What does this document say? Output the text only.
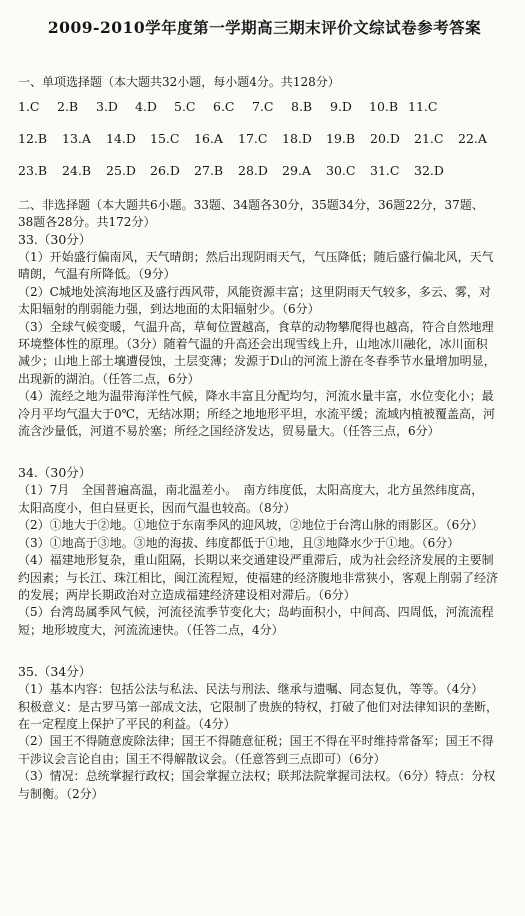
2009-2010学年度第一学期高三期末评价文综试卷参考答案

一、单项选择题（本大题共32小题，每小题4分。共128分）

1.C	2.B	3.D	4.D	5.C	6.C	7.C	8.B	9.D	10.B 11.C
12.B	13.A	14.D	15.C	16.A	17.C	18.D	19.B	20.D	21.C	22.A
23.B	24.B	25.D	26.D	27.B	28.D	29.A	30.C	31.C	32.D

二、非选择题（本大题共6小题。33题、34题各30分，35题34分，36题22分，37题、

38题各28分。共172分）

33.（30分）

（1）开始盛行偏南风，天气晴朗；然后出现阴雨天气，气压降低；随后盛行偏北风，天气

晴朗，气温有所降低。（9分）

（2）C城地处滨海地区及盛行西风带，风能资源丰富；这里阴雨天气较多，多云、雾，对

太阳辐射的削弱能力强，到达地面的太阳辐射少。（6分）

（3）全球气候变暖，气温升高，草甸位置越高，食草的动物攀爬得也越高，符合自然地理

环境整体性的原理。（3分）随着气温的升高还会出现雪线上升，山地冰川融化，冰川面积

减少；山地上部土壤遭侵蚀，土层变薄；发源于D山的河流上游在冬春季节水量增加明显，

出现新的湖泊。（任答二点，6分）

（4）流经之地为温带海洋性气候，降水丰富且分配均匀，河流水量丰富，水位变化小；最

冷月平均气温大于0℃，无结冰期；所经之地地形平坦，水流平缓；流域内植被覆盖高，河

流含沙量低，河道不易於塞；所经之国经济发达，贸易量大。（任答三点，6分）

34.（30分）

（1）7月　全国普遍高温，南北温差小。　南方纬度低，太阳高度大，北方虽然纬度高，

太阳高度小，但白昼更长，因而气温也较高。（8分）

（2）①地大于②地。①地位于东南季风的迎风坡，②地位于台湾山脉的雨影区。（6分）

（3）①地高于③地。③地的海拔、纬度都低于①地，且③地降水少于①地。（6分）

（4）福建地形复杂，重山阻隔，长期以来交通建设严重滞后，成为社会经济发展的主要制

约因素；与长江、珠江相比，闽江流程短，使福建的经济腹地非常狭小，客观上削弱了经济

的发展；两岸长期政治对立造成福建经济建设相对滞后。（6分）

（5）台湾岛属季风气候，河流径流季节变化大；岛屿面积小，中间高、四周低，河流流程

短；地形坡度大，河流流速快。（任答二点，4分）

35.（34分）

（1）基本内容：包括公法与私法、民法与刑法、继承与遗嘱、同态复仇，等等。（4分）

积极意义：是古罗马第一部成文法，它限制了贵族的特权，打破了他们对法律知识的垄断，

在一定程度上保护了平民的利益。（4分）

（2）国王不得随意废除法律；国王不得随意征税；国王不得在平时维持常备军；国王不得

干涉议会言论自由；国王不得解散议会。（任意答到三点即可）（6分）

（3）情况：总统掌握行政权；国会掌握立法权；联邦法院掌握司法权。（6分）特点：分权

与制衡。（2分）
